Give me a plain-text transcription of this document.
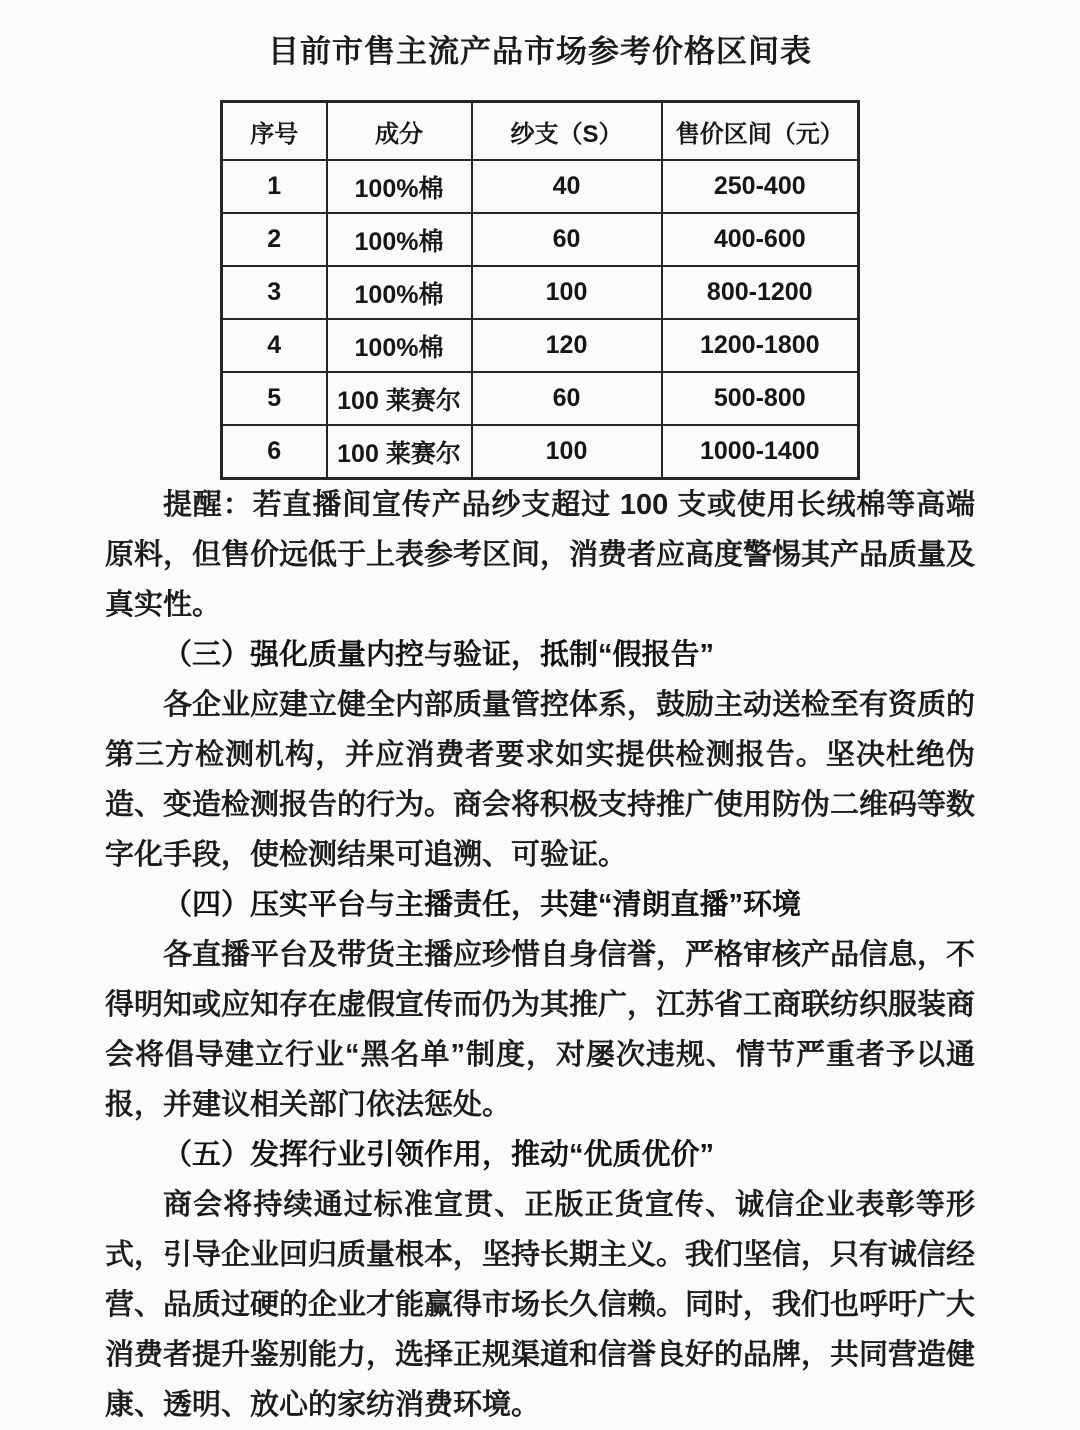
目前市售主流产品市场参考价格区间表
序号	成分	纱支（S）	售价区间（元）
1	100%棉	40	250-400
2	100%棉	60	400-600
3	100%棉	100	800-1200
4	100%棉	120	1200-1800
5	100 莱赛尔	60	500-800
6	100 莱赛尔	100	1000-1400

提醒：若直播间宣传产品纱支超过 100 支或使用长绒棉等高端原料，但售价远低于上表参考区间，消费者应高度警惕其产品质量及真实性。

（三）强化质量内控与验证，抵制“假报告”

各企业应建立健全内部质量管控体系，鼓励主动送检至有资质的第三方检测机构，并应消费者要求如实提供检测报告。坚决杜绝伪造、变造检测报告的行为。商会将积极支持推广使用防伪二维码等数字化手段，使检测结果可追溯、可验证。

（四）压实平台与主播责任，共建“清朗直播”环境

各直播平台及带货主播应珍惜自身信誉，严格审核产品信息，不得明知或应知存在虚假宣传而仍为其推广，江苏省工商联纺织服装商会将倡导建立行业“黑名单”制度，对屡次违规、情节严重者予以通报，并建议相关部门依法惩处。

（五）发挥行业引领作用，推动“优质优价”

商会将持续通过标准宣贯、正版正货宣传、诚信企业表彰等形式，引导企业回归质量根本，坚持长期主义。我们坚信，只有诚信经营、品质过硬的企业才能赢得市场长久信赖。同时，我们也呼吁广大消费者提升鉴别能力，选择正规渠道和信誉良好的品牌，共同营造健康、透明、放心的家纺消费环境。
